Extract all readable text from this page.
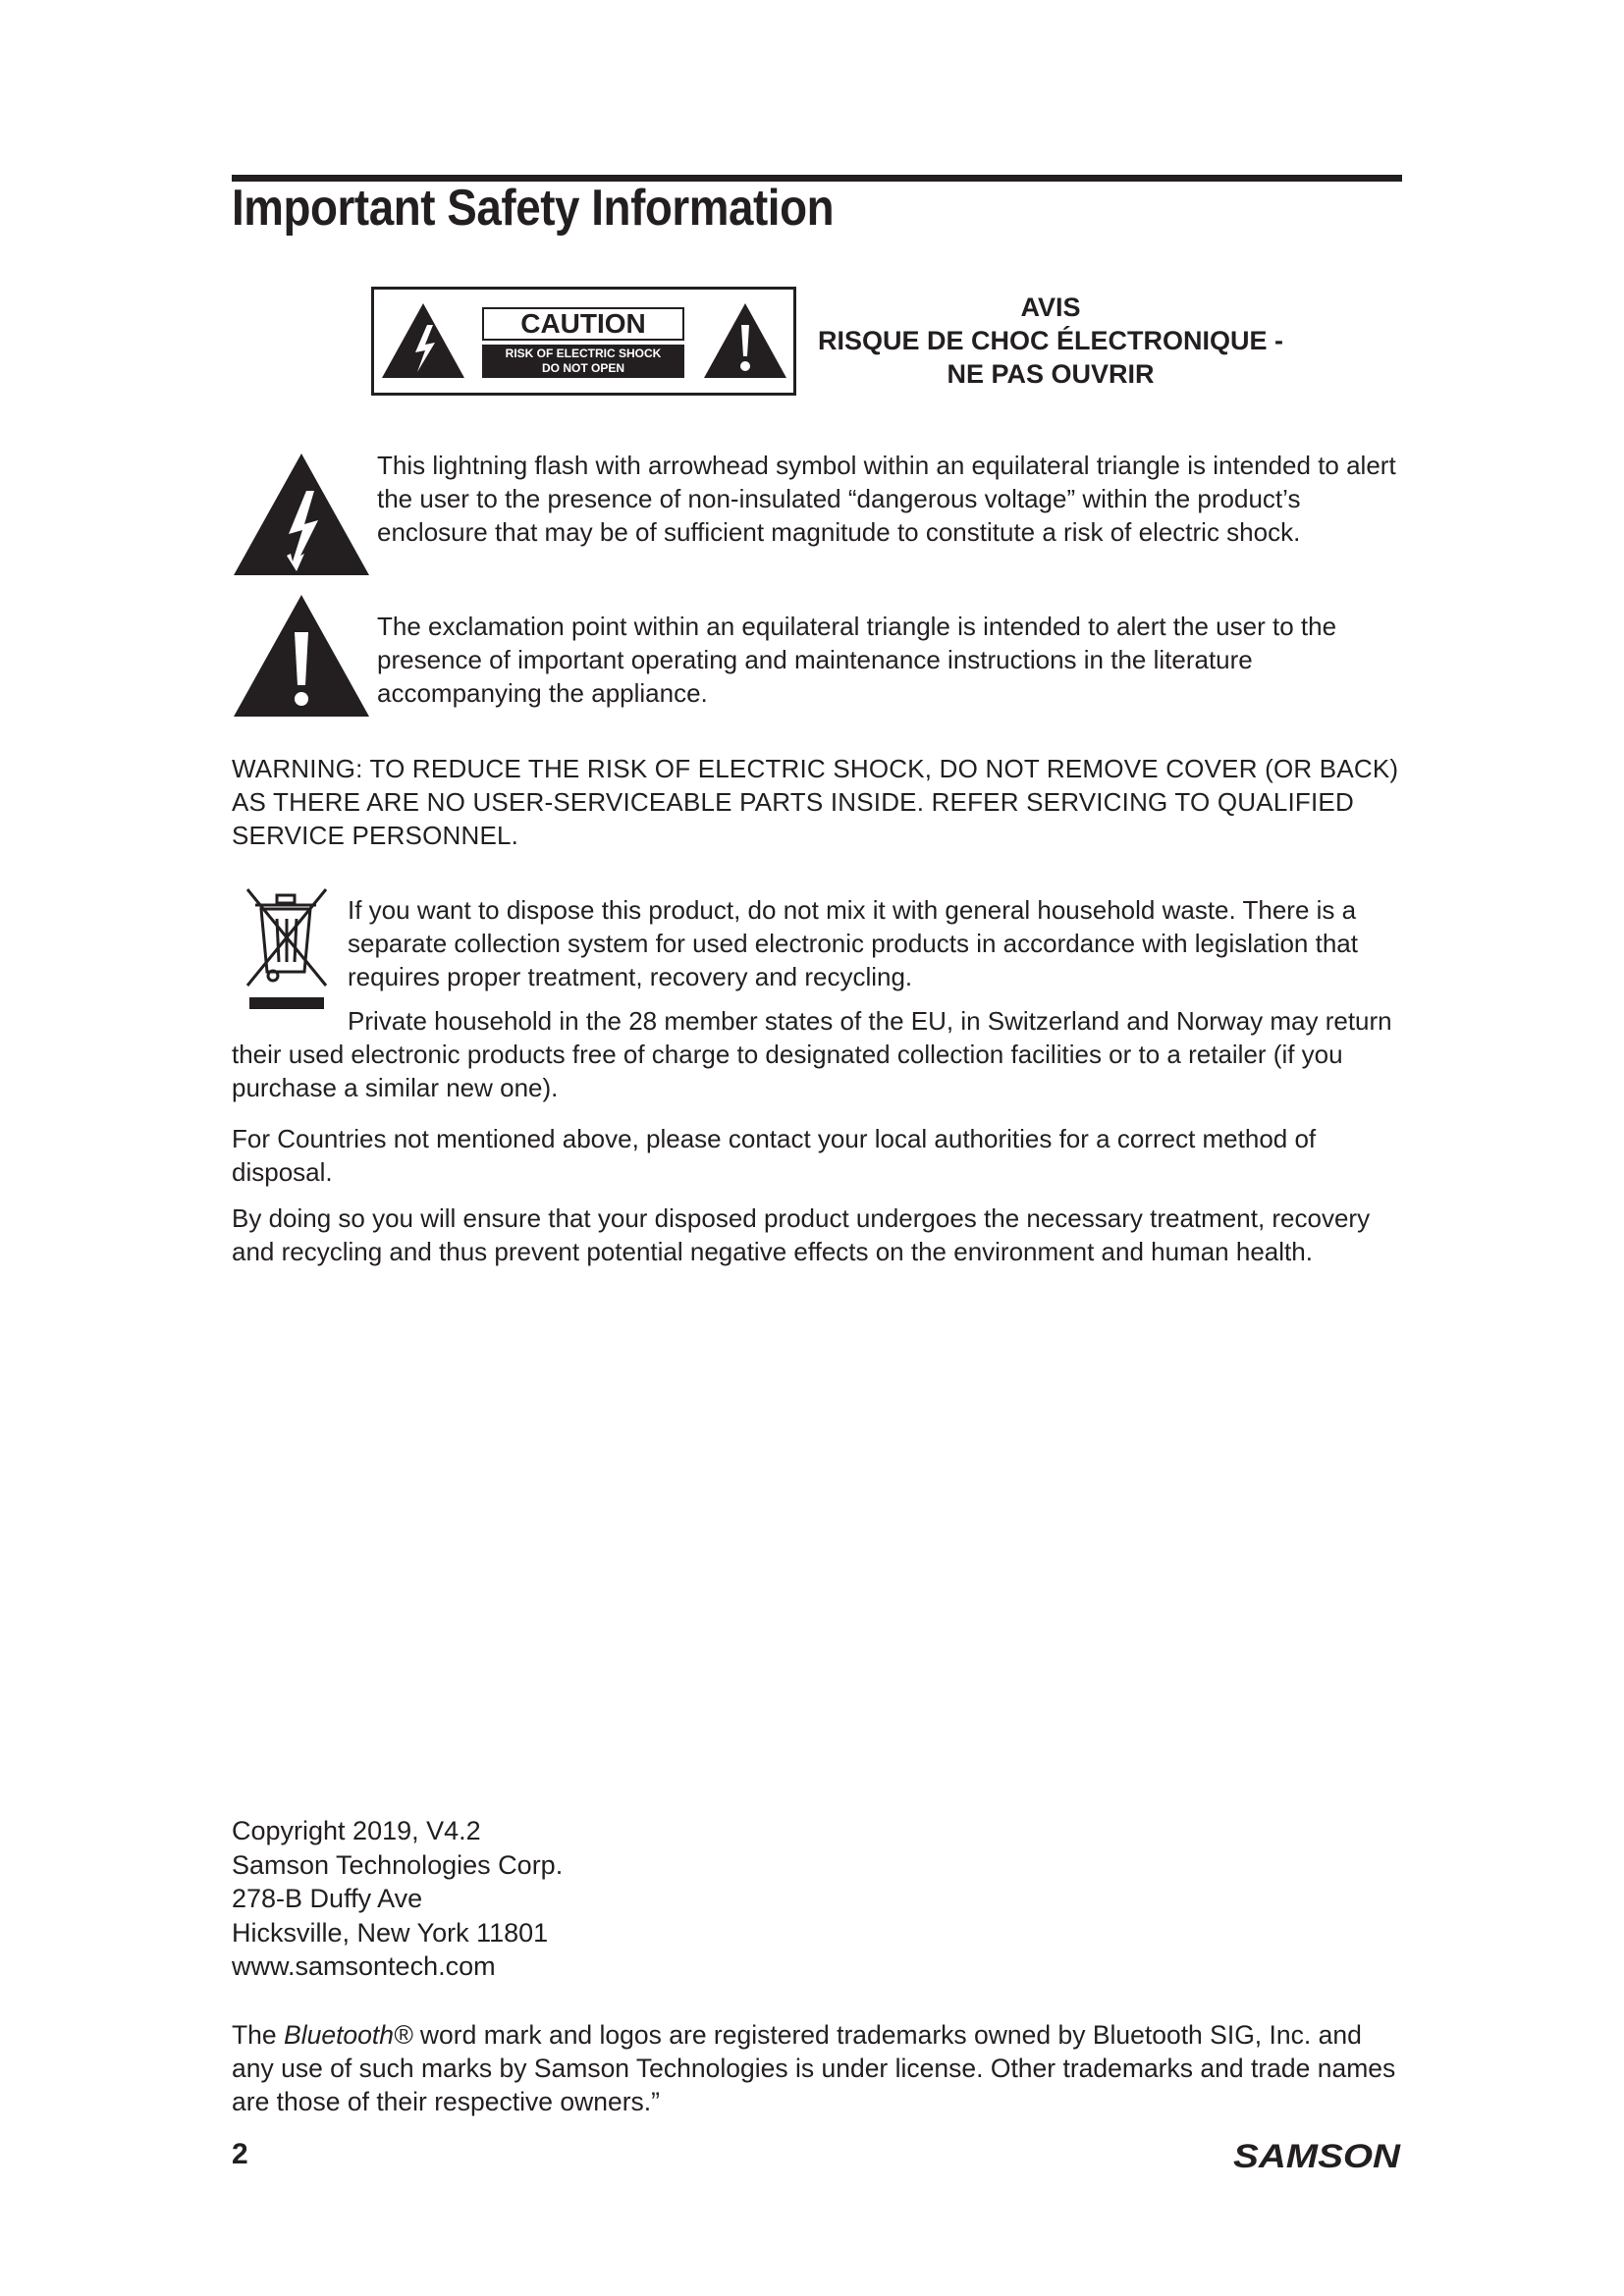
Important Safety Information
CAUTION
RISK OF ELECTRIC SHOCK
DO NOT OPEN
AVIS
RISQUE DE CHOC ÉLECTRONIQUE -
NE PAS OUVRIR
This lightning flash with arrowhead symbol within an equilateral triangle is intended to alert the user to the presence of non-insulated “dangerous voltage” within the product’s enclosure that may be of sufficient magnitude to constitute a risk of electric shock.
The exclamation point within an equilateral triangle is intended to alert the user to the presence of important operating and maintenance instructions in the literature accompanying the appliance.
WARNING: TO REDUCE THE RISK OF ELECTRIC SHOCK, DO NOT REMOVE COVER (OR BACK) AS THERE ARE NO USER-SERVICEABLE PARTS INSIDE. REFER SERVICING TO QUALIFIED SERVICE PERSONNEL.
If you want to dispose this product, do not mix it with general household waste. There is a separate collection system for used electronic products in accordance with legislation that requires proper treatment, recovery and recycling.
Private household in the 28 member states of the EU, in Switzerland and Norway may return their used electronic products free of charge to designated collection facilities or to a retailer (if you purchase a similar new one).
For Countries not mentioned above, please contact your local authorities for a correct method of disposal.
By doing so you will ensure that your disposed product undergoes the necessary treatment, recovery and recycling and thus prevent potential negative effects on the environment and human health.
Copyright 2019, V4.2
Samson Technologies Corp.
278-B Duffy Ave
Hicksville, New York 11801
www.samsontech.com
The Bluetooth® word mark and logos are registered trademarks owned by Bluetooth SIG, Inc. and any use of such marks by Samson Technologies is under license. Other trademarks and trade names are those of their respective owners.”
2	SAMSON
